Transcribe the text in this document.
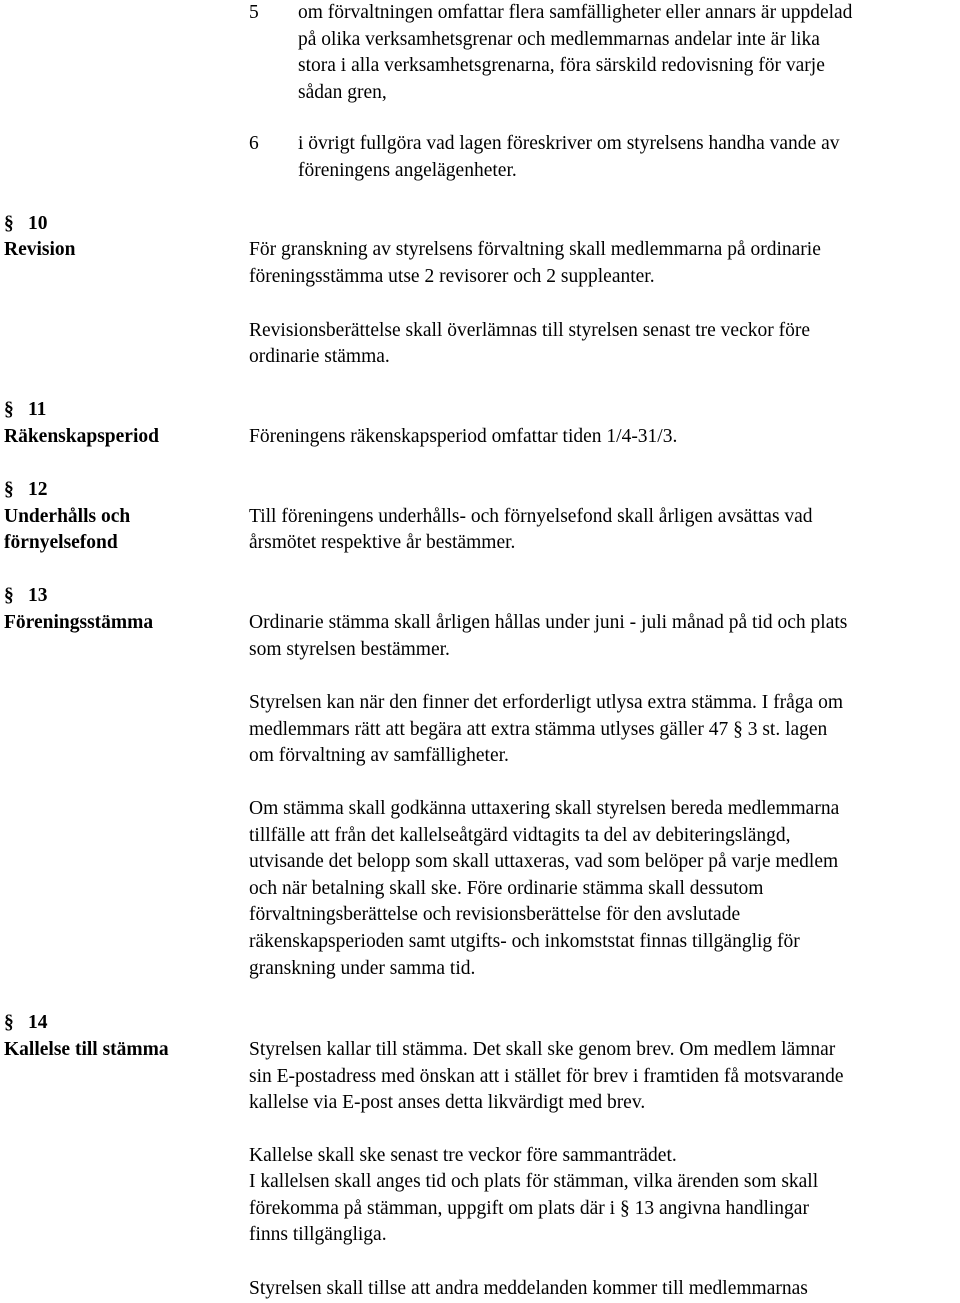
5 om förvaltningen omfattar flera samfälligheter eller annars är uppdelad
på olika verksamhetsgrenar och medlemmarnas andelar inte är lika
stora i alla verksamhetsgrenarna, föra särskild redovisning för varje
sådan gren,
6 i övrigt fullgöra vad lagen föreskriver om styrelsens handha vande av
föreningens angelägenheter.
§ 10
Revision	För granskning av styrelsens förvaltning skall medlemmarna på ordinarie
föreningsstämma utse 2 revisorer och 2 suppleanter.
Revisionsberättelse skall överlämnas till styrelsen senast tre veckor före
ordinarie stämma.
§ 11
Räkenskapsperiod	Föreningens räkenskapsperiod omfattar tiden 1/4-31/3.
§ 12
Underhålls och
förnyelsefond
Till föreningens underhålls- och förnyelsefond skall årligen avsättas vad
årsmötet respektive år bestämmer.
§ 13
Föreningsstämma	Ordinarie stämma skall årligen hållas under juni - juli månad på tid och plats
som styrelsen bestämmer.
Styrelsen kan när den finner det erforderligt utlysa extra stämma. I fråga om
medlemmars rätt att begära att extra stämma utlyses gäller 47 § 3 st. lagen
om förvaltning av samfälligheter.
Om stämma skall godkänna uttaxering skall styrelsen bereda medlemmarna
tillfälle att från det kallelseåtgärd vidtagits ta del av debiteringslängd,
utvisande det belopp som skall uttaxeras, vad som belöper på varje medlem
och när betalning skall ske. Före ordinarie stämma skall dessutom
förvaltningsberättelse och revisionsberättelse för den avslutade
räkenskapsperioden samt utgifts- och inkomststat finnas tillgänglig för
granskning under samma tid.
§ 14
Kallelse till stämma	Styrelsen kallar till stämma. Det skall ske genom brev. Om medlem lämnar
sin E-postadress med önskan att i stället för brev i framtiden få motsvarande
kallelse via E-post anses detta likvärdigt med brev.
Kallelse skall ske senast tre veckor före sammanträdet.
I kallelsen skall anges tid och plats för stämman, vilka ärenden som skall
förekomma på stämman, uppgift om plats där i § 13 angivna handlingar
finns tillgängliga.
Styrelsen skall tillse att andra meddelanden kommer till medlemmarnas
